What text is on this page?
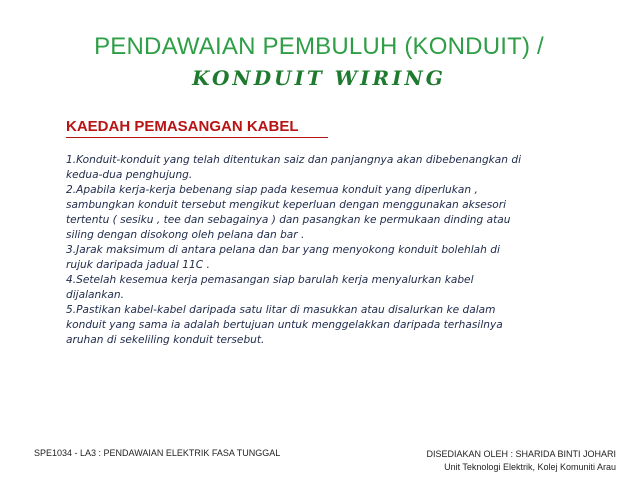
PENDAWAIAN PEMBULUH (KONDUIT) /
KONDUIT WIRING
KAEDAH PEMASANGAN KABEL
1.Konduit-konduit yang telah ditentukan saiz dan panjangnya akan dibebenangkan di
kedua-dua penghujung.
2.Apabila kerja-kerja bebenang siap pada kesemua konduit yang diperlukan ,
sambungkan konduit tersebut mengikut keperluan dengan menggunakan aksesori
tertentu ( sesiku , tee dan sebagainya ) dan pasangkan ke permukaan dinding atau
siling dengan disokong oleh pelana dan bar .
3.Jarak maksimum di antara pelana dan bar yang menyokong konduit bolehlah di
rujuk daripada jadual 11C .
4.Setelah kesemua kerja pemasangan siap barulah kerja menyalurkan kabel
dijalankan.
5.Pastikan kabel-kabel daripada satu litar di masukkan atau disalurkan ke dalam
konduit yang sama ia adalah bertujuan untuk menggelakkan daripada terhasilnya
aruhan di sekeliling konduit tersebut.
SPE1034 - LA3 : PENDAWAIAN ELEKTRIK FASA TUNGGAL	DISEDIAKAN OLEH : SHARIDA BINTI JOHARI
Unit Teknologi Elektrik, Kolej Komuniti Arau
